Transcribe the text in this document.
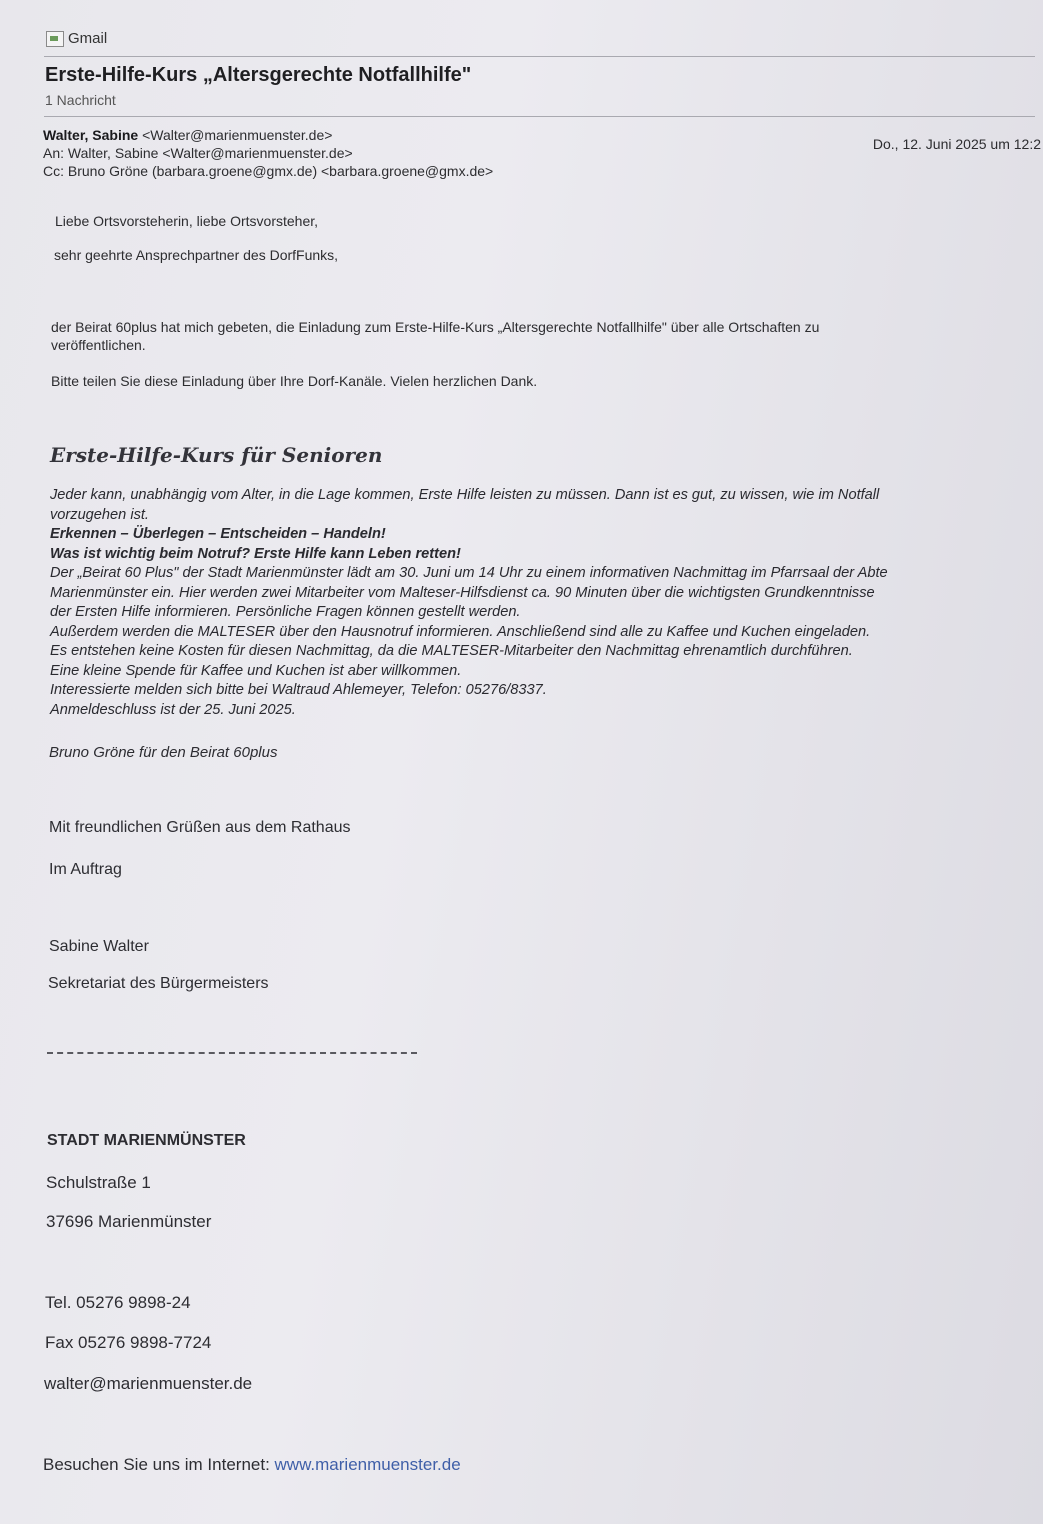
Gmail
Erste-Hilfe-Kurs „Altersgerechte Notfallhilfe"
1 Nachricht
Walter, Sabine <Walter@marienmuenster.de>
An: Walter, Sabine <Walter@marienmuenster.de>
Cc: Bruno Gröne (barbara.groene@gmx.de) <barbara.groene@gmx.de>
Do., 12. Juni 2025 um 12:2
Liebe Ortsvorsteherin, liebe Ortsvorsteher,
sehr geehrte Ansprechpartner des DorfFunks,
der Beirat 60plus hat mich gebeten, die Einladung zum Erste-Hilfe-Kurs „Altersgerechte Notfallhilfe" über alle Ortschaften zu
veröffentlichen.
Bitte teilen Sie diese Einladung über Ihre Dorf-Kanäle. Vielen herzlichen Dank.
Erste-Hilfe-Kurs für Senioren
Jeder kann, unabhängig vom Alter, in die Lage kommen, Erste Hilfe leisten zu müssen. Dann ist es gut, zu wissen, wie im Notfall
vorzugehen ist.
Erkennen – Überlegen – Entscheiden – Handeln!
Was ist wichtig beim Notruf? Erste Hilfe kann Leben retten!
Der „Beirat 60 Plus" der Stadt Marienmünster lädt am 30. Juni um 14 Uhr zu einem informativen Nachmittag im Pfarrsaal der Abte
Marienmünster ein. Hier werden zwei Mitarbeiter vom Malteser-Hilfsdienst ca. 90 Minuten über die wichtigsten Grundkenntnisse
der Ersten Hilfe informieren. Persönliche Fragen können gestellt werden.
Außerdem werden die MALTESER über den Hausnotruf informieren. Anschließend sind alle zu Kaffee und Kuchen eingeladen.
Es entstehen keine Kosten für diesen Nachmittag, da die MALTESER-Mitarbeiter den Nachmittag ehrenamtlich durchführen.
Eine kleine Spende für Kaffee und Kuchen ist aber willkommen.
Interessierte melden sich bitte bei Waltraud Ahlemeyer, Telefon: 05276/8337.
Anmeldeschluss ist der 25. Juni 2025.
Bruno Gröne für den Beirat 60plus
Mit freundlichen Grüßen aus dem Rathaus
Im Auftrag
Sabine Walter
Sekretariat des Bürgermeisters
STADT MARIENMÜNSTER
Schulstraße 1
37696 Marienmünster
Tel. 05276 9898-24
Fax 05276 9898-7724
walter@marienmuenster.de
Besuchen Sie uns im Internet: www.marienmuenster.de
